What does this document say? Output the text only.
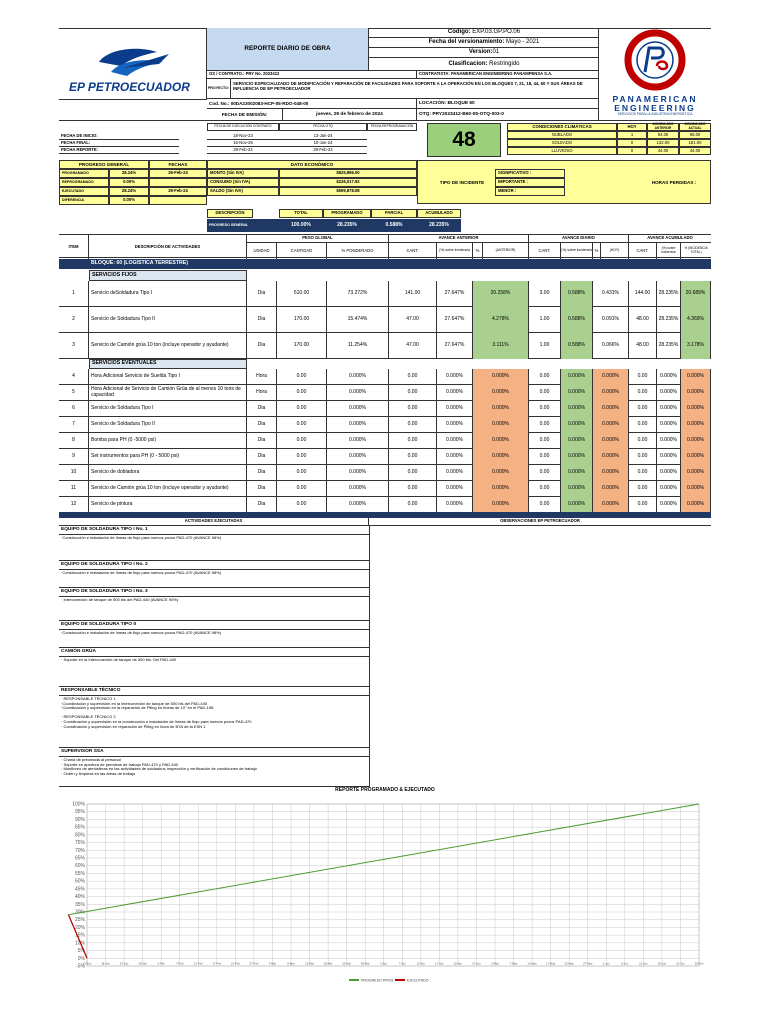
EP PETROECUADOR
REPORTE DIARIO DE OBRA
Codigo:
EXP.03.GP.PO.06
Fecha del versionamiento:
Mayo - 2021
Version: 01
Clasificacion:
Restringido
PANAMERICAN
ENGINEERING
SERVICIOS PARA LA INDUSTRIA ENERGÉTICA
OS / CONTRATO.: PRY No. 2023412	CONTRATISTA: PANAMERICAN ENGINEERING PANAMPENSA S.A.
PROYECTO:
SERVICIO ESPECIALIZADO DE MODIFICACIÓN Y REPARACIÓN DE FACILIDADES PARA SOPORTE A LA OPERACIÓN EN LOS BLOQUES 7, 21, 18, 44, 60 Y SUS ÁREAS DE INFLUENCIA DE EP PETROECUADOR
Cod. No.: 00DA23002083-HCP-05-RDO-048-00	LOCACIÓN: BLOQUE 60
FECHA DE EMISIÓN:	jueves, 29 de febrero de 2024	OTQ: PRY2023412-B60-05-OTQ-003-0
FECHA DE EJECUCIÓN CONTRATO	FECHA OTQ	FECHA REPROGRAMACIÓN
FECHA DE INICIO:	18-Nov-23	13-Jan-24
FECHA FINAL:	16-Nov-26	10-Jun-24
FECHA REPORTE:	29-Feb-24	29-Feb-24	48
CONDICIONES CLIMÁTICAS	HOY	ACUMULADO ANTERIOR
ACUMULADO ACTUAL
NUBLADO	1	94.00	95.00
SOLEADO	0	132.00	181.00
LLUVIOSO	0	44.00	44.00
PROGRESO GENERAL	FECHAS	DATO ECONÓMICO
PROGRAMADO	28.24%	29-Feb-24
REPROGRAMADO	0.00%
EJECUTADO	28.24%	29-Feb-24
DIFERENCIA	0.00%
MONTO (Sin IVA)	$825,896.00
CONSUMO (Sin IVA)	$226,017.92
SALDO (Sin IVA)	$599,878.08
TIPO DE INCIDENTE
SIGNIFICATIVO :
IMPORTANTE :
MENOR :
HORAS PERDIDAS :
DESCRIPCIÓN	TOTAL	PROGRAMADO	PARCIAL	ACUMULADO
PROGRESO GENERAL	100.00%	28.235%	0.588%	28.235%
ITEM	DESCRIPCIÓN DE ACTIVIDADES
PESO GLOBAL
UNIDAD	CANTIDAD	% PONDERADO
AVANCE ANTERIOR
CANT.	(%) sobre incidencia	%	(ANTERIOR)
AVANCE DIARIO
CANT.	(%) sobre incidencia %	(HOY)
AVANCE ACUMULADO
CANT.	(%) sobre incidencia
% (INCIDENCIA TOTAL)
BLOQUE: 60 (LOGISTICA TERRESTRE)
SERVICIOS FIJOS
1	Servicio deSoldadura Tipo I	Dia	510.00	73.272%	141.00	27.647%	20.258%	3.00	0.588%	0.431%	144.00	28.235%	20.689%
2	Servicio de Soldadura Tipo II	Dia	170.00	15.474%	47.00	27.647%	4.278%	1.00	0.588%	0.091%	48.00	28.235%	4.369%
3	Servicio de Camión grúa 10 ton (incluye operador y ayudante)	Dia	170.00	11.254%	47.00	27.647%	3.111%	1.00	0.588%	0.066%	48.00	28.235%	3.178%
SERVICIOS EVENTUALES
4	Hora Adicional Servicio de Suelda Tipo I	Hora	0.00	0.000%	0.00	0.000%	0.000%	0.00	0.000%	0.000%	0.00	0.000%	0.000%
5	Hora Adicional de Servicio de Camión Grúa de al menos 10 tons de capacidad	Hora	0.00	0.000%	0.00	0.000%	0.000%	0.00	0.000%	0.000%	0.00	0.000%	0.000%
6	Servicio de Soldadura Tipo I	Dia	0.00	0.000%	0.00	0.000%	0.000%	0.00	0.000%	0.000%	0.00	0.000%	0.000%
7	Servicio de Soldadura Tipo II	Dia	0.00	0.000%	0.00	0.000%	0.000%	0.00	0.000%	0.000%	0.00	0.000%	0.000%
8	Bomba para PH (0 -5000 psi)	Dia	0.00	0.000%	0.00	0.000%	0.000%	0.00	0.000%	0.000%	0.00	0.000%	0.000%
9	Set instrumentos para PH (0 - 5000 psi)	Dia	0.00	0.000%	0.00	0.000%	0.000%	0.00	0.000%	0.000%	0.00	0.000%	0.000%
10	Servicio de dobladora	Dia	0.00	0.000%	0.00	0.000%	0.000%	0.00	0.000%	0.000%	0.00	0.000%	0.000%
11	Servicio de Camión grúa 10 ton (incluye operador y ayudante)	Dia	0.00	0.000%	0.00	0.000%	0.000%	0.00	0.000%	0.000%	0.00	0.000%	0.000%
12	Servicio de pintura	Dia	0.00	0.000%	0.00	0.000%	0.000%	0.00	0.000%	0.000%	0.00	0.000%	0.000%
ACTIVIDADES EJECUTADAS	OBSERVACIONES EP PETROECUADOR
EQUIPO DE SOLDADURA TIPO I No. 1
·Construcción e instalación de líneas de flujo para nuevos pozos PAD-470 (AVANCE 98%)
EQUIPO DE SOLDADURA TIPO I No. 2
·Construcción e instalación de líneas de flujo para nuevos pozos PAD-470 (AVANCE 98%)
EQUIPO DE SOLDADURA TIPO I No. 3
· Interconexión de tanque de 500 bls del PAD-440 (AVANCE 90%)
EQUIPO DE SOLDADURA TIPO II
·Construcción e instalación de líneas de flujo para nuevos pozos PAD-470 (AVANCE 98%)
CAMIÓN GRÚA
· Soporte en la Interconexión de tanque de 500 bls. Del PAD-440
RESPONSABLE TÉCNICO
· RESPONSABLE TÉCNICO 1
·Coordinación y supervisión en la interconexión de tanque de 500 bls del PAD-440
·Coordinación y supervisión en la reparación de Piling en líneas de 10" en el PAD-198
· RESPONSABLE TÉCNICO 2
· Coordinación y supervisión en la construcción e instalación de líneas de flujo para nuevos pozos PAD-470
· Coordinación y supervisión en reparación de Piling en línea de BYA de la ESN 1
SUPERVISOR SSA
· Charla de preomada al personal
· Soporte en apertura de permisos de trabajo PAD-470 y PAD-440
· Monitoreo de atmósferas en las actividades de soldadura; inspección y verificación de condiciones de trabajo
· Orden y limpieza en las áreas de trabajo
REPORTE PROGRAMADO & EJECUTADO
100%
95%
90%
85%
80%
75%
70%
65%
60%
55%
50%
45%
40%
35%
30%
25%
20%
15%
10%
5%
0%
-5%
13-Jan	18-Jan	23-Jan	28-Jan	2-Feb	7-Feb	12-Feb	17-Feb	22-Feb	27-Feb	3-Mar	8-Mar	13-Mar	18-Mar	23-Mar	28-Mar	2-Apr	7-Apr	12-Apr	17-Apr	22-Apr	27-Apr	2-May	7-May	12-May	17-May	22-May	27-May	1-Jun	6-Jun	11-Jun	16-Jun	21-Jun	26-Jun
PROGRESO PROG	EJECUTADO
